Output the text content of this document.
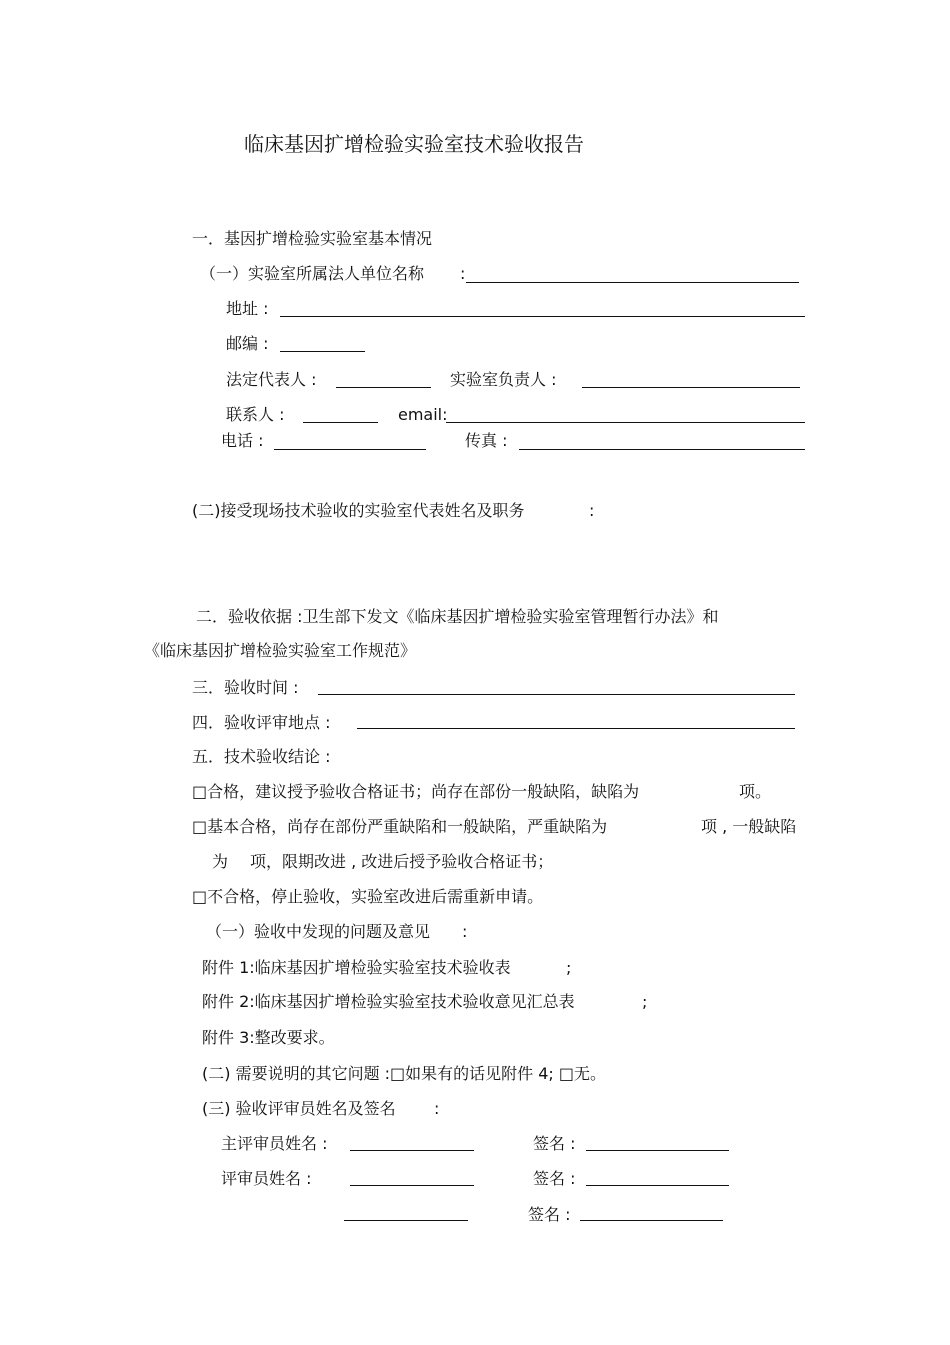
临床基因扩增检验实验室技术验收报告
一．基因扩增检验实验室基本情况
（一）实验室所属法人单位名称 :
地址 :
邮编 :
法定代表人 :	实验室负责人 :
联系人 :	email:
电话 :	传真 :
(二)接受现场技术验收的实验室代表姓名及职务	:
二．验收依据 :卫生部下发文《临床基因扩增检验实验室管理暂行办法》和
《临床基因扩增检验实验室工作规范》
三．验收时间 :
四．验收评审地点 :
五．技术验收结论 :
□合格，建议授予验收合格证书；尚存在部份一般缺陷，缺陷为	项。
□基本合格，尚存在部份严重缺陷和一般缺陷，严重缺陷为	项 , 一般缺陷
为 项，限期改进 , 改进后授予验收合格证书；
□不合格，停止验收，实验室改进后需重新申请。
（一）验收中发现的问题及意见 :
附件 1:临床基因扩增检验实验室技术验收表	;
附件 2:临床基因扩增检验实验室技术验收意见汇总表	;
附件 3:整改要求。
(二) 需要说明的其它问题 :□如果有的话见附件 4; □无。
(三) 验收评审员姓名及签名 :
主评审员姓名 :	签名 :
评审员姓名 :	签名 :
签名 :
